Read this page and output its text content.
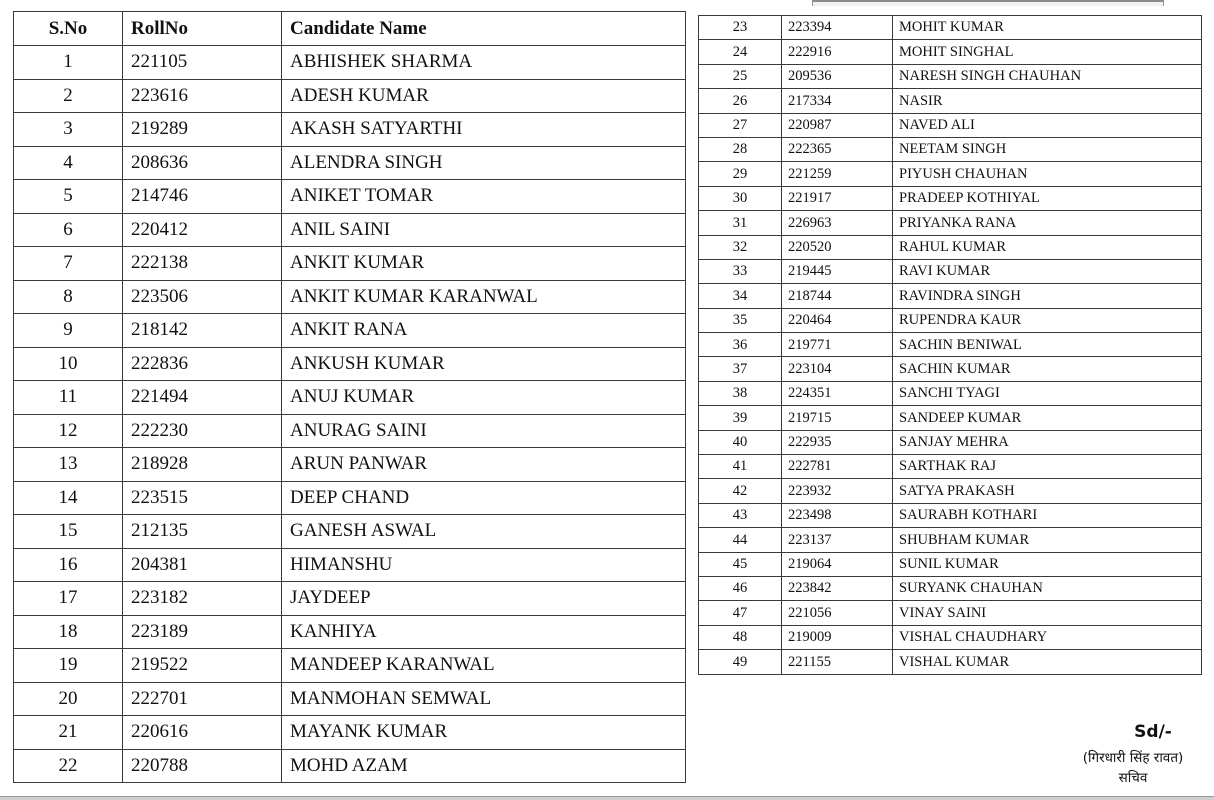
S.No	RollNo	Candidate Name
1	221105	ABHISHEK SHARMA
2	223616	ADESH KUMAR
3	219289	AKASH SATYARTHI
4	208636	ALENDRA SINGH
5	214746	ANIKET TOMAR
6	220412	ANIL SAINI
7	222138	ANKIT KUMAR
8	223506	ANKIT KUMAR KARANWAL
9	218142	ANKIT RANA
10	222836	ANKUSH KUMAR
11	221494	ANUJ KUMAR
12	222230	ANURAG SAINI
13	218928	ARUN PANWAR
14	223515	DEEP CHAND
15	212135	GANESH ASWAL
16	204381	HIMANSHU
17	223182	JAYDEEP
18	223189	KANHIYA
19	219522	MANDEEP KARANWAL
20	222701	MANMOHAN SEMWAL
21	220616	MAYANK KUMAR
22	220788	MOHD AZAM
23	223394	MOHIT KUMAR
24	222916	MOHIT SINGHAL
25	209536	NARESH SINGH CHAUHAN
26	217334	NASIR
27	220987	NAVED ALI
28	222365	NEETAM SINGH
29	221259	PIYUSH CHAUHAN
30	221917	PRADEEP KOTHIYAL
31	226963	PRIYANKA RANA
32	220520	RAHUL KUMAR
33	219445	RAVI KUMAR
34	218744	RAVINDRA SINGH
35	220464	RUPENDRA KAUR
36	219771	SACHIN BENIWAL
37	223104	SACHIN KUMAR
38	224351	SANCHI TYAGI
39	219715	SANDEEP KUMAR
40	222935	SANJAY MEHRA
41	222781	SARTHAK RAJ
42	223932	SATYA PRAKASH
43	223498	SAURABH KOTHARI
44	223137	SHUBHAM KUMAR
45	219064	SUNIL KUMAR
46	223842	SURYANK CHAUHAN
47	221056	VINAY SAINI
48	219009	VISHAL CHAUDHARY
49	221155	VISHAL KUMAR
Sd/-
(गिरधारी सिंह रावत)
सचिव
